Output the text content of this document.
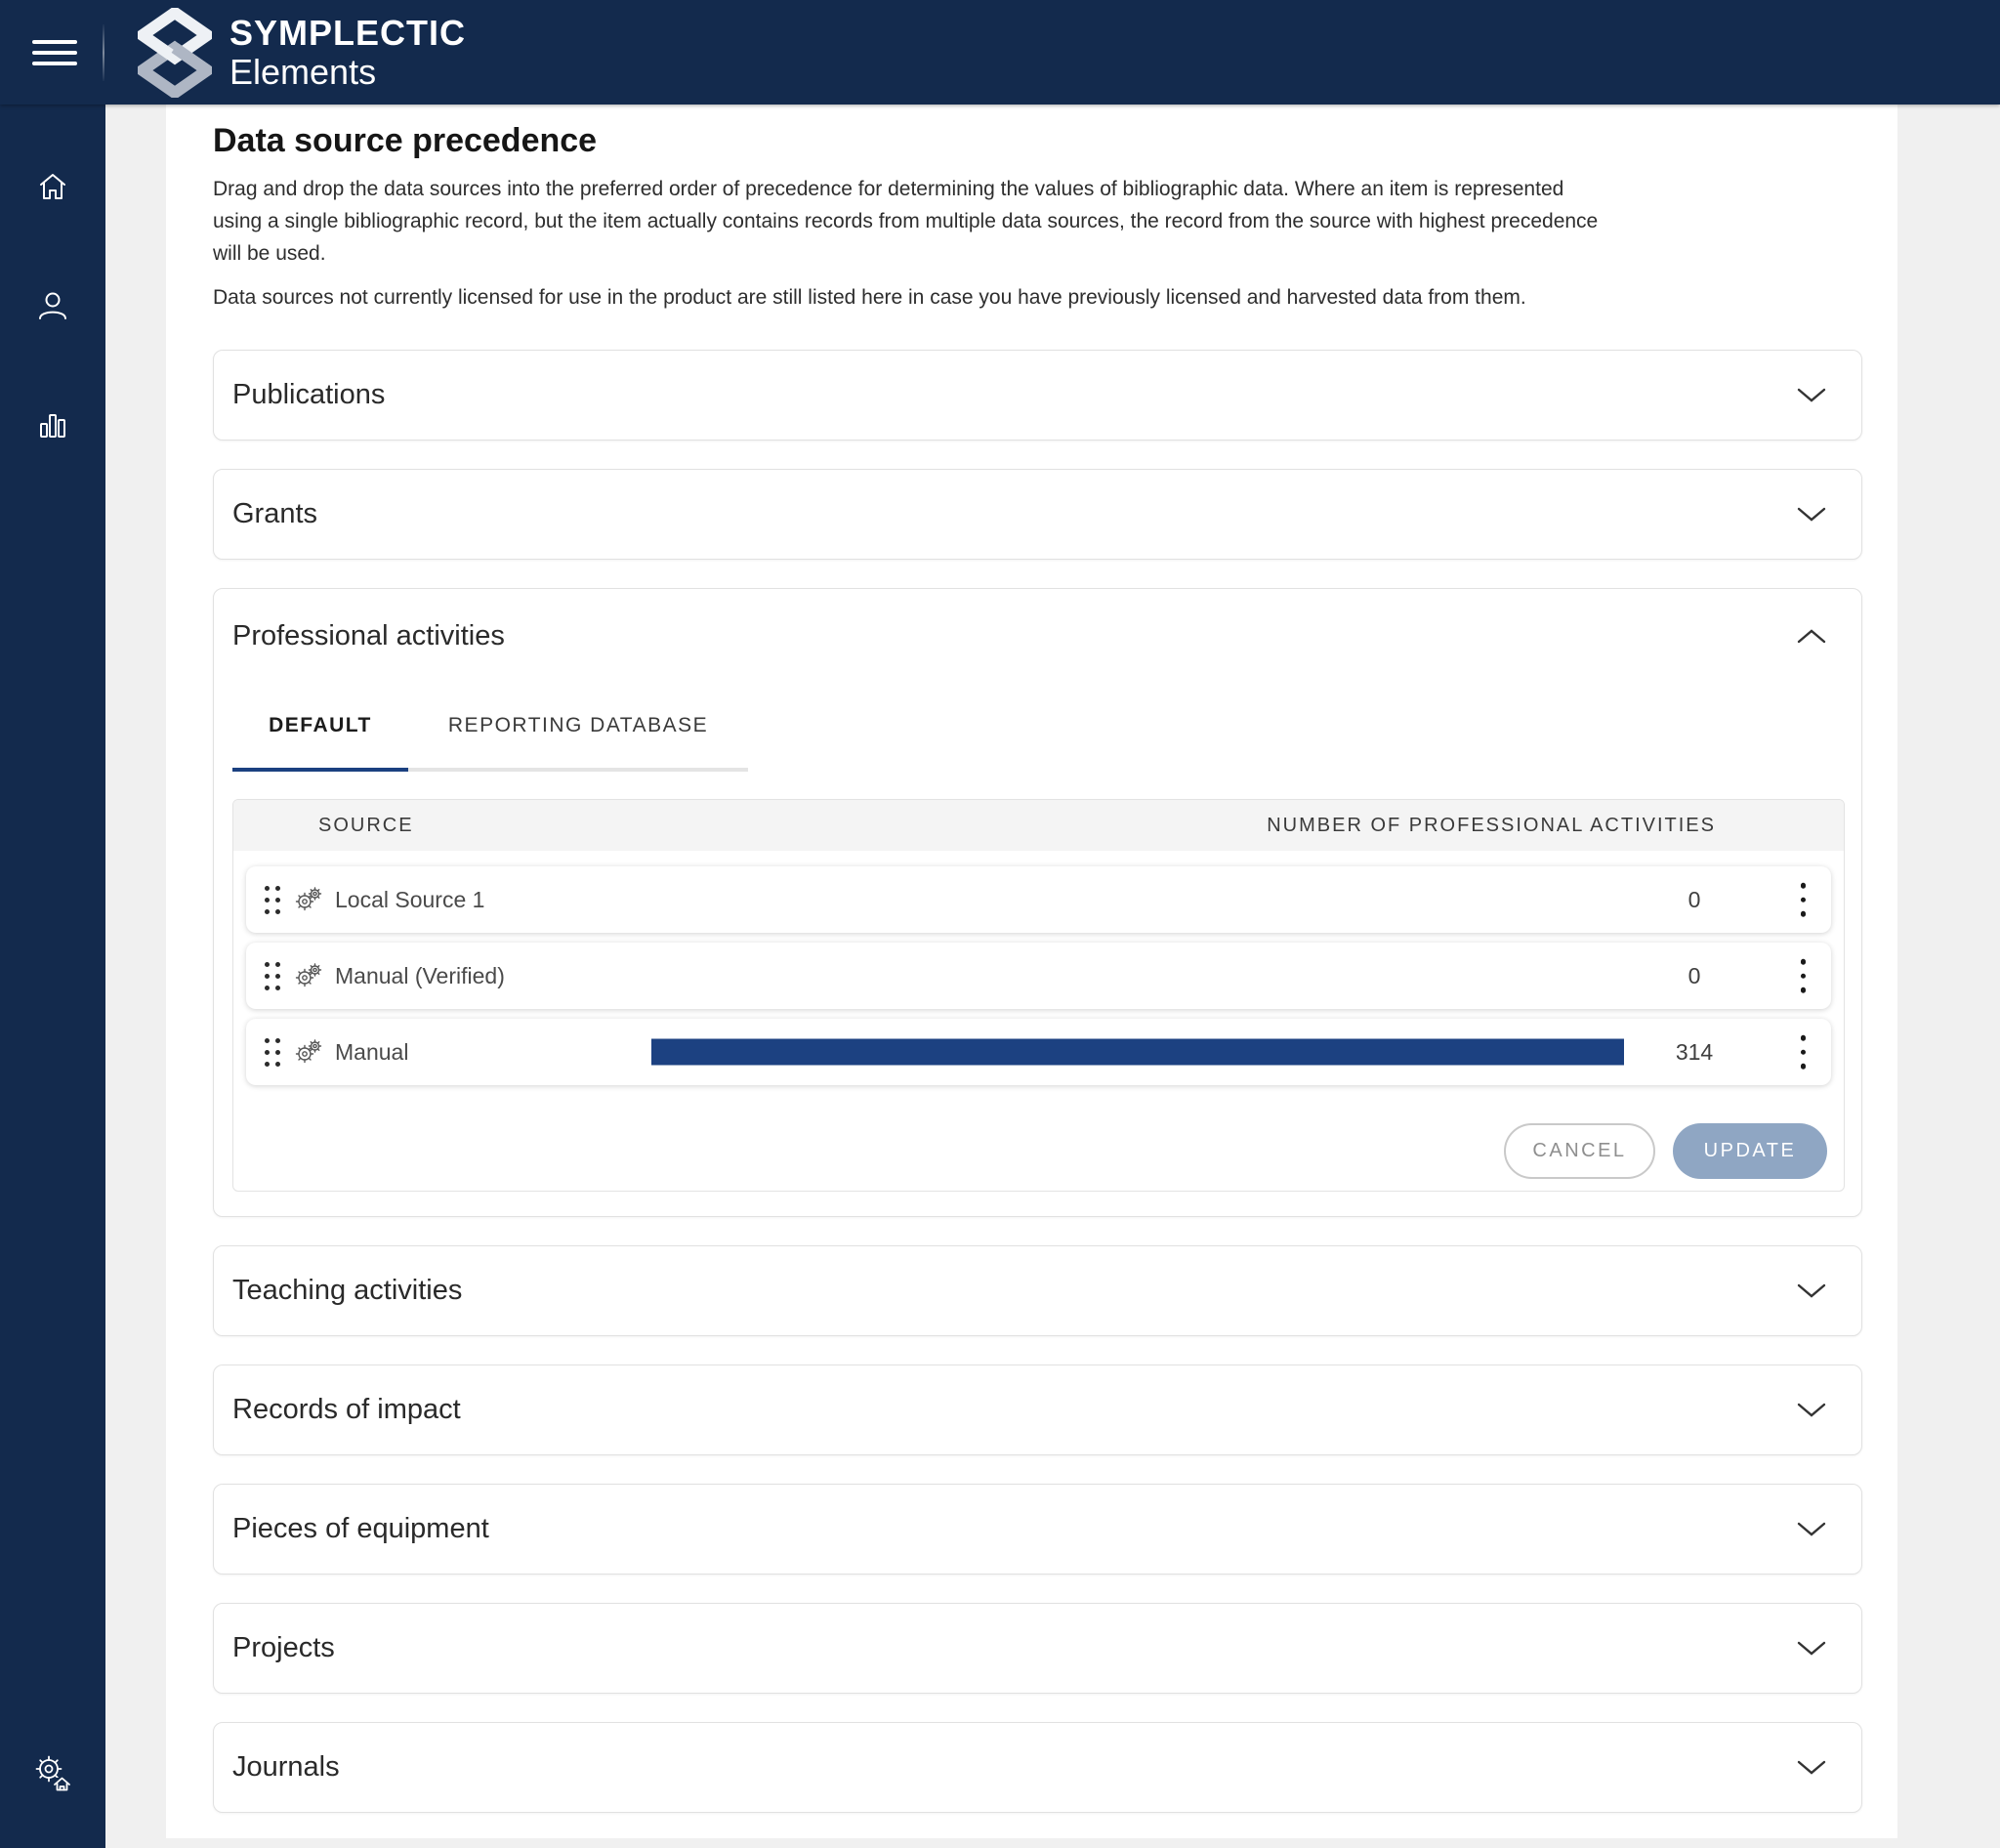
SYMPLECTIC
Elements
Data source precedence
Drag and drop the data sources into the preferred order of precedence for determining the values of bibliographic data. Where an item is represented
using a single bibliographic record, but the item actually contains records from multiple data sources, the record from the source with highest precedence
will be used.
Data sources not currently licensed for use in the product are still listed here in case you have previously licensed and harvested data from them.
Publications
Grants
Professional activities
DEFAULT	REPORTING DATABASE
SOURCE	NUMBER OF PROFESSIONAL ACTIVITIES
Local Source 1	0
Manual (Verified)	0
Manual	314
CANCEL	UPDATE
Teaching activities
Records of impact
Pieces of equipment
Projects
Journals
